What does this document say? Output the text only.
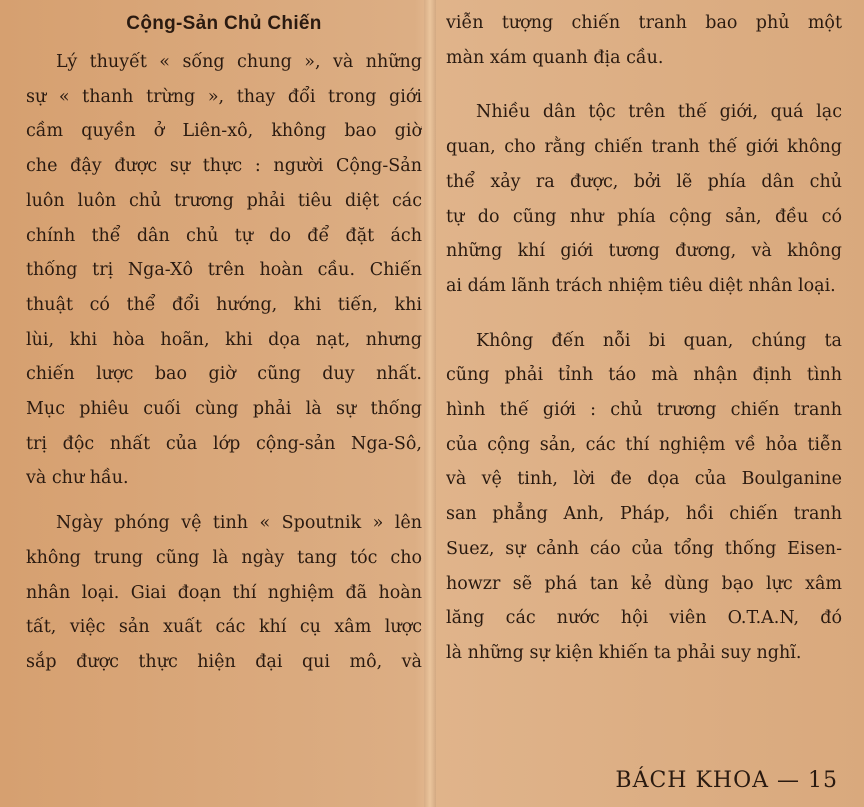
Cộng-Sản Chủ Chiến
Lý thuyết « sống chung », và những
sự « thanh trừng », thay đổi trong giới
cầm quyền ở Liên-xô, không bao giờ
che đậy được sự thực : người Cộng-Sản
luôn luôn chủ trương phải tiêu diệt các
chính thể dân chủ tự do để đặt ách
thống trị Nga-Xô trên hoàn cầu. Chiến
thuật có thể đổi hướng, khi tiến, khi
lùi, khi hòa hoãn, khi dọa nạt, nhưng
chiến lược bao giờ cũng duy nhất.
Mục phiêu cuối cùng phải là sự thống
trị độc nhất của lớp cộng-sản Nga-Sô,
và chư hầu.
Ngày phóng vệ tinh « Spoutnik » lên
không trung cũng là ngày tang tóc cho
nhân loại. Giai đoạn thí nghiệm đã hoàn
tất, việc sản xuất các khí cụ xâm lược
sắp được thực hiện đại qui mô, và
viễn tượng chiến tranh bao phủ một
màn xám quanh địa cầu.
Nhiều dân tộc trên thế giới, quá lạc
quan, cho rằng chiến tranh thế giới không
thể xảy ra được, bởi lẽ phía dân chủ
tự do cũng như phía cộng sản, đều có
những khí giới tương đương, và không
ai dám lãnh trách nhiệm tiêu diệt nhân loại.
Không đến nỗi bi quan, chúng ta
cũng phải tỉnh táo mà nhận định tình
hình thế giới : chủ trương chiến tranh
của cộng sản, các thí nghiệm về hỏa tiễn
và vệ tinh, lời đe dọa của Boulganine
san phẳng Anh, Pháp, hồi chiến tranh
Suez, sự cảnh cáo của tổng thống Eisen-
howzr sẽ phá tan kẻ dùng bạo lực xâm
lăng các nước hội viên O.T.A.N, đó
là những sự kiện khiến ta phải suy nghĩ.
BÁCH KHOA — 15
